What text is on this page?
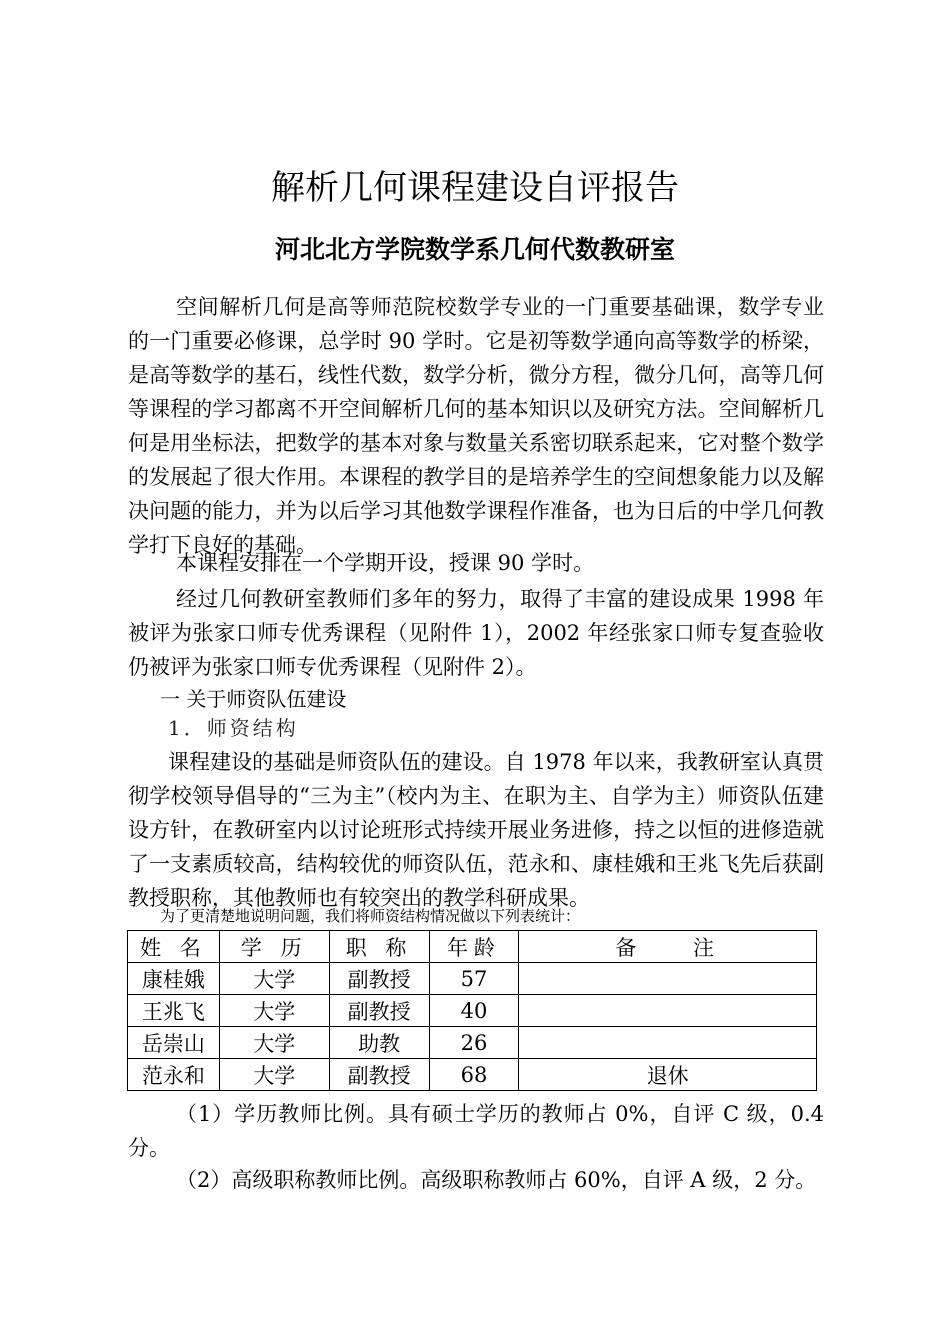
解析几何课程建设自评报告
河北北方学院数学系几何代数教研室

空间解析几何是高等师范院校数学专业的一门重要基础课，数学专业的一门重要必修课，总学时 90 学时。它是初等数学通向高等数学的桥梁，是高等数学的基石，线性代数，数学分析，微分方程，微分几何，高等几何等课程的学习都离不开空间解析几何的基本知识以及研究方法。空间解析几何是用坐标法，把数学的基本对象与数量关系密切联系起来，它对整个数学的发展起了很大作用。本课程的教学目的是培养学生的空间想象能力以及解决问题的能力，并为以后学习其他数学课程作准备，也为日后的中学几何教学打下良好的基础。

本课程安排在一个学期开设，授课 90 学时。

经过几何教研室教师们多年的努力，取得了丰富的建设成果 1998 年被评为张家口师专优秀课程（见附件 1），2002 年经张家口师专复查验收仍被评为张家口师专优秀课程（见附件 2）。

一 关于师资队伍建设
1．师资结构

课程建设的基础是师资队伍的建设。自 1978 年以来，我教研室认真贯彻学校领导倡导的“三为主”（校内为主、在职为主、自学为主）师资队伍建设方针，在教研室内以讨论班形式持续开展业务进修，持之以恒的进修造就了一支素质较高，结构较优的师资队伍，范永和、康桂娥和王兆飞先后获副教授职称，其他教师也有较突出的教学科研成果。

为了更清楚地说明问题，我们将师资结构情况做以下列表统计：
姓 名	学 历	职 称	年龄	备    注
康桂娥	大学	副教授	57	
王兆飞	大学	副教授	40	
岳崇山	大学	助教	26	
范永和	大学	副教授	68	退休

（1）学历教师比例。具有硕士学历的教师占 0%，自评 C 级，0.4 分。

（2）高级职称教师比例。高级职称教师占 60%，自评 A 级，2 分。
